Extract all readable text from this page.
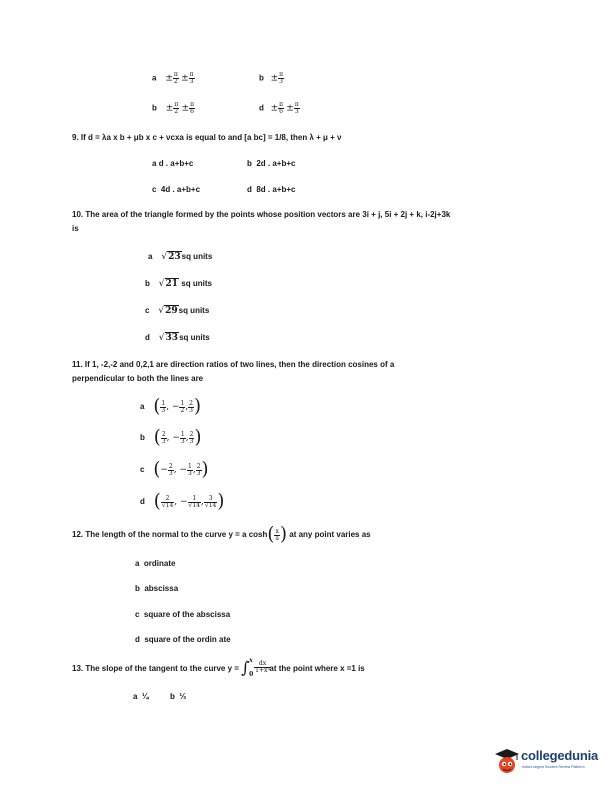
$a \pm \frac{\pi}{2} \pm \frac{\pi}{3}$	$b \pm \frac{\pi}{3}$
$b \pm \frac{\pi}{2} \pm \frac{\pi}{6}$	$d \pm \frac{\pi}{6} \pm \frac{\pi}{3}$
9. If d = λa x b + μb x c + νcxa is equal to and [a bc] = 1/8, then λ + μ + ν
a d . a+b+c	b 2d . a+b+c
c 4d . a+b+c	d 8d . a+b+c
10. The area of the triangle formed by the points whose position vectors are 3i + j, 5i + 2j + k, i-2j+3k
is
a √23sq units
b √21 sq units
c √29sq units
d √33sq units
11. If 1, -2,-2 and 0,2,1 are direction ratios of two lines, then the direction cosines of a
perpendicular to both the lines are
a ( $\frac{1}{3}$ , − $\frac{1}{2}$ , $\frac{2}{3}$ )
b ( $\frac{2}{3}$ , − $\frac{1}{3}$ , $\frac{2}{3}$ )
c (− $\frac{2}{3}$ , − $\frac{1}{3}$ , $\frac{2}{3}$ )
d ( $\frac{2}{√14}$ , − $\frac{1}{√14}$ , $\frac{3}{√14}$ )
12. The length of the normal to the curve y = a $\cosh( \frac{x}{a}$ ) at any point varies as
a ordinate
b abscissa
c square of the abscissa
d square of the ordin ate
13. The slope of the tangent to the curve y = ∫ x
0
$\frac{dx}{\text{1+x³}}$
at the point where x =1 is
a ¼	b ⅓
collegedunia
India's largest Student Review Platform
